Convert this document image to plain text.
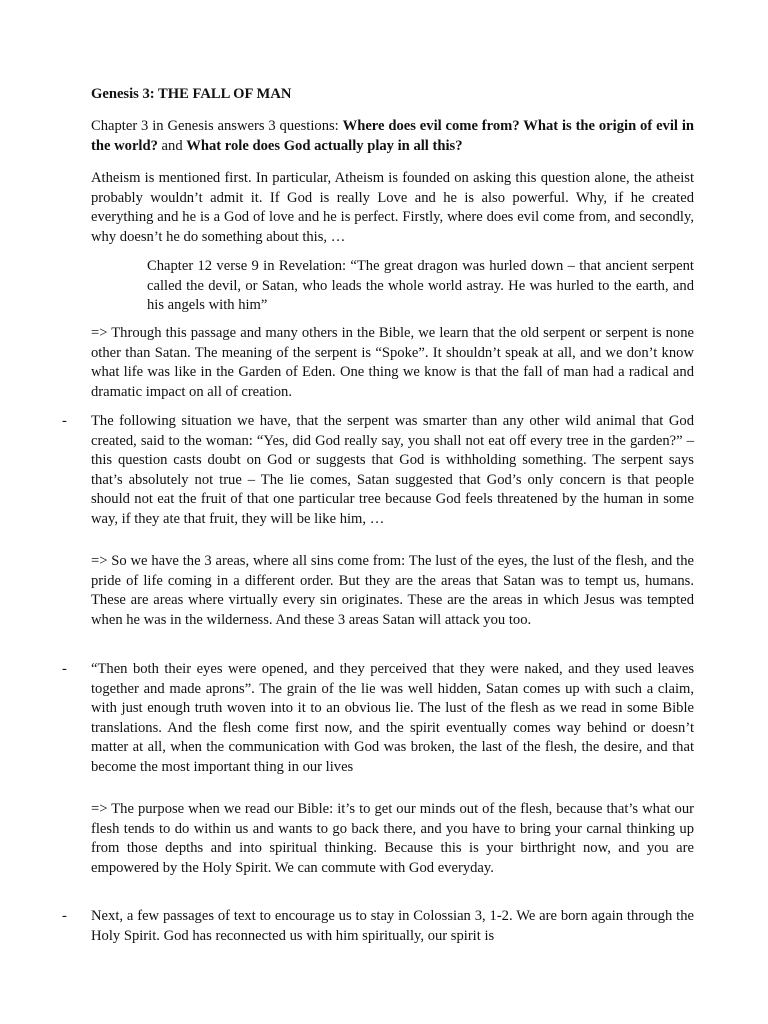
Genesis 3: THE FALL OF MAN

Chapter 3 in Genesis answers 3 questions: Where does evil come from? What is the origin of evil in the world? and What role does God actually play in all this?

Atheism is mentioned first. In particular, Atheism is founded on asking this question alone, the atheist probably wouldn’t admit it. If God is really Love and he is also powerful. Why, if he created everything and he is a God of love and he is perfect. Firstly, where does evil come from, and secondly, why doesn’t he do something about this, …

Chapter 12 verse 9 in Revelation: “The great dragon was hurled down – that ancient serpent called the devil, or Satan, who leads the whole world astray. He was hurled to the earth, and his angels with him”

=> Through this passage and many others in the Bible, we learn that the old serpent or serpent is none other than Satan. The meaning of the serpent is “Spoke”. It shouldn’t speak at all, and we don’t know what life was like in the Garden of Eden. One thing we know is that the fall of man had a radical and dramatic impact on all of creation.

-	The following situation we have, that the serpent was smarter than any other wild animal that God created, said to the woman: “Yes, did God really say, you shall not eat off every tree in the garden?” – this question casts doubt on God or suggests that God is withholding something. The serpent says that’s absolutely not true – The lie comes, Satan suggested that God’s only concern is that people should not eat the fruit of that one particular tree because God feels threatened by the human in some way, if they ate that fruit, they will be like him, …

=> So we have the 3 areas, where all sins come from: The lust of the eyes, the lust of the flesh, and the pride of life coming in a different order. But they are the areas that Satan was to tempt us, humans. These are areas where virtually every sin originates. These are the areas in which Jesus was tempted when he was in the wilderness. And these 3 areas Satan will attack you too.

-	“Then both their eyes were opened, and they perceived that they were naked, and they used leaves together and made aprons”. The grain of the lie was well hidden, Satan comes up with such a claim, with just enough truth woven into it to an obvious lie. The lust of the flesh as we read in some Bible translations. And the flesh come first now, and the spirit eventually comes way behind or doesn’t matter at all, when the communication with God was broken, the last of the flesh, the desire, and that become the most important thing in our lives

=> The purpose when we read our Bible: it’s to get our minds out of the flesh, because that’s what our flesh tends to do within us and wants to go back there, and you have to bring your carnal thinking up from those depths and into spiritual thinking. Because this is your birthright now, and you are empowered by the Holy Spirit. We can commute with God everyday.

-	Next, a few passages of text to encourage us to stay in Colossian 3, 1-2. We are born again through the Holy Spirit. God has reconnected us with him spiritually, our spirit is
